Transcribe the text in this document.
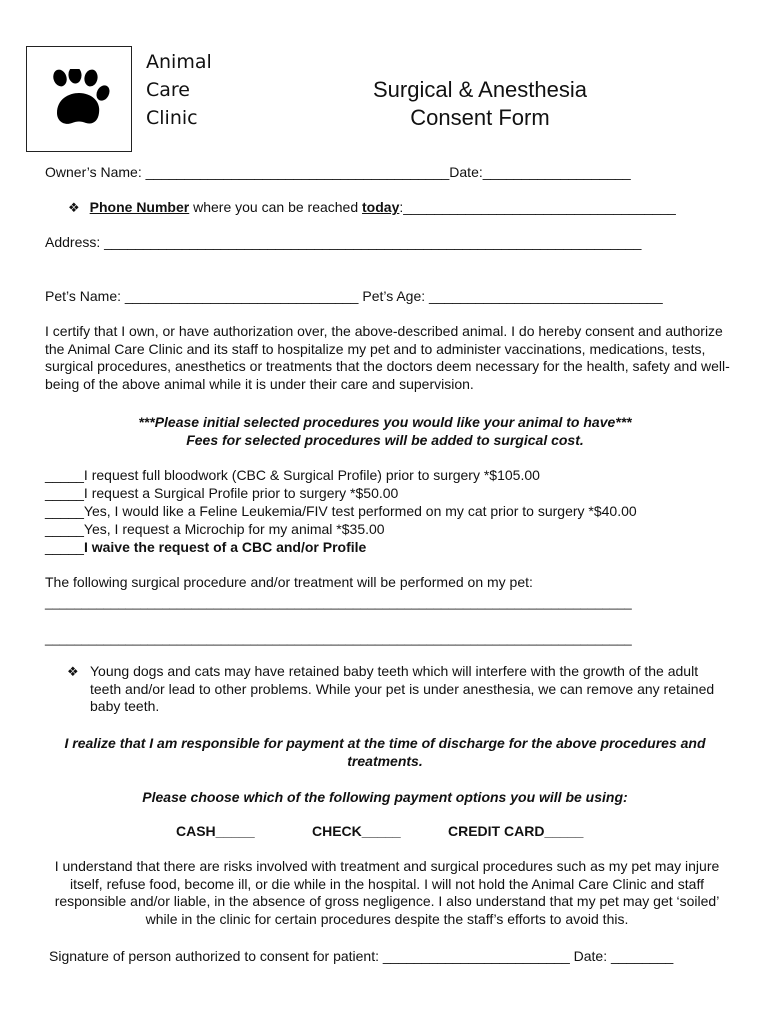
Animal
Care
Clinic
Surgical & Anesthesia
Consent Form
Owner’s Name: _______________________________________Date:___________________
❖ Phone Number where you can be reached today:___________________________________
Address: _____________________________________________________________________
Pet’s Name: ______________________________ Pet’s Age: ______________________________
I certify that I own, or have authorization over, the above-described animal. I do hereby consent and authorize the Animal Care Clinic and its staff to hospitalize my pet and to administer vaccinations, medications, tests, surgical procedures, anesthetics or treatments that the doctors deem necessary for the health, safety and well-being of the above animal while it is under their care and supervision.
***Please initial selected procedures you would like your animal to have***
Fees for selected procedures will be added to surgical cost.
_____I request full bloodwork (CBC & Surgical Profile) prior to surgery *$105.00
_____I request a Surgical Profile prior to surgery *$50.00
_____Yes, I would like a Feline Leukemia/FIV test performed on my cat prior to surgery *$40.00
_____Yes, I request a Microchip for my animal *$35.00
_____I waive the request of a CBC and/or Profile
The following surgical procedure and/or treatment will be performed on my pet:
________________________________________________________________________________
________________________________________________________________________________
❖ Young dogs and cats may have retained baby teeth which will interfere with the growth of the adult teeth and/or lead to other problems. While your pet is under anesthesia, we can remove any retained baby teeth.
I realize that I am responsible for payment at the time of discharge for the above procedures and treatments.
Please choose which of the following payment options you will be using:
CASH_____	CHECK_____	CREDIT CARD_____
I understand that there are risks involved with treatment and surgical procedures such as my pet may injure itself, refuse food, become ill, or die while in the hospital. I will not hold the Animal Care Clinic and staff responsible and/or liable, in the absence of gross negligence. I also understand that my pet may get ‘soiled’ while in the clinic for certain procedures despite the staff’s efforts to avoid this.
Signature of person authorized to consent for patient: ________________________ Date: ________
